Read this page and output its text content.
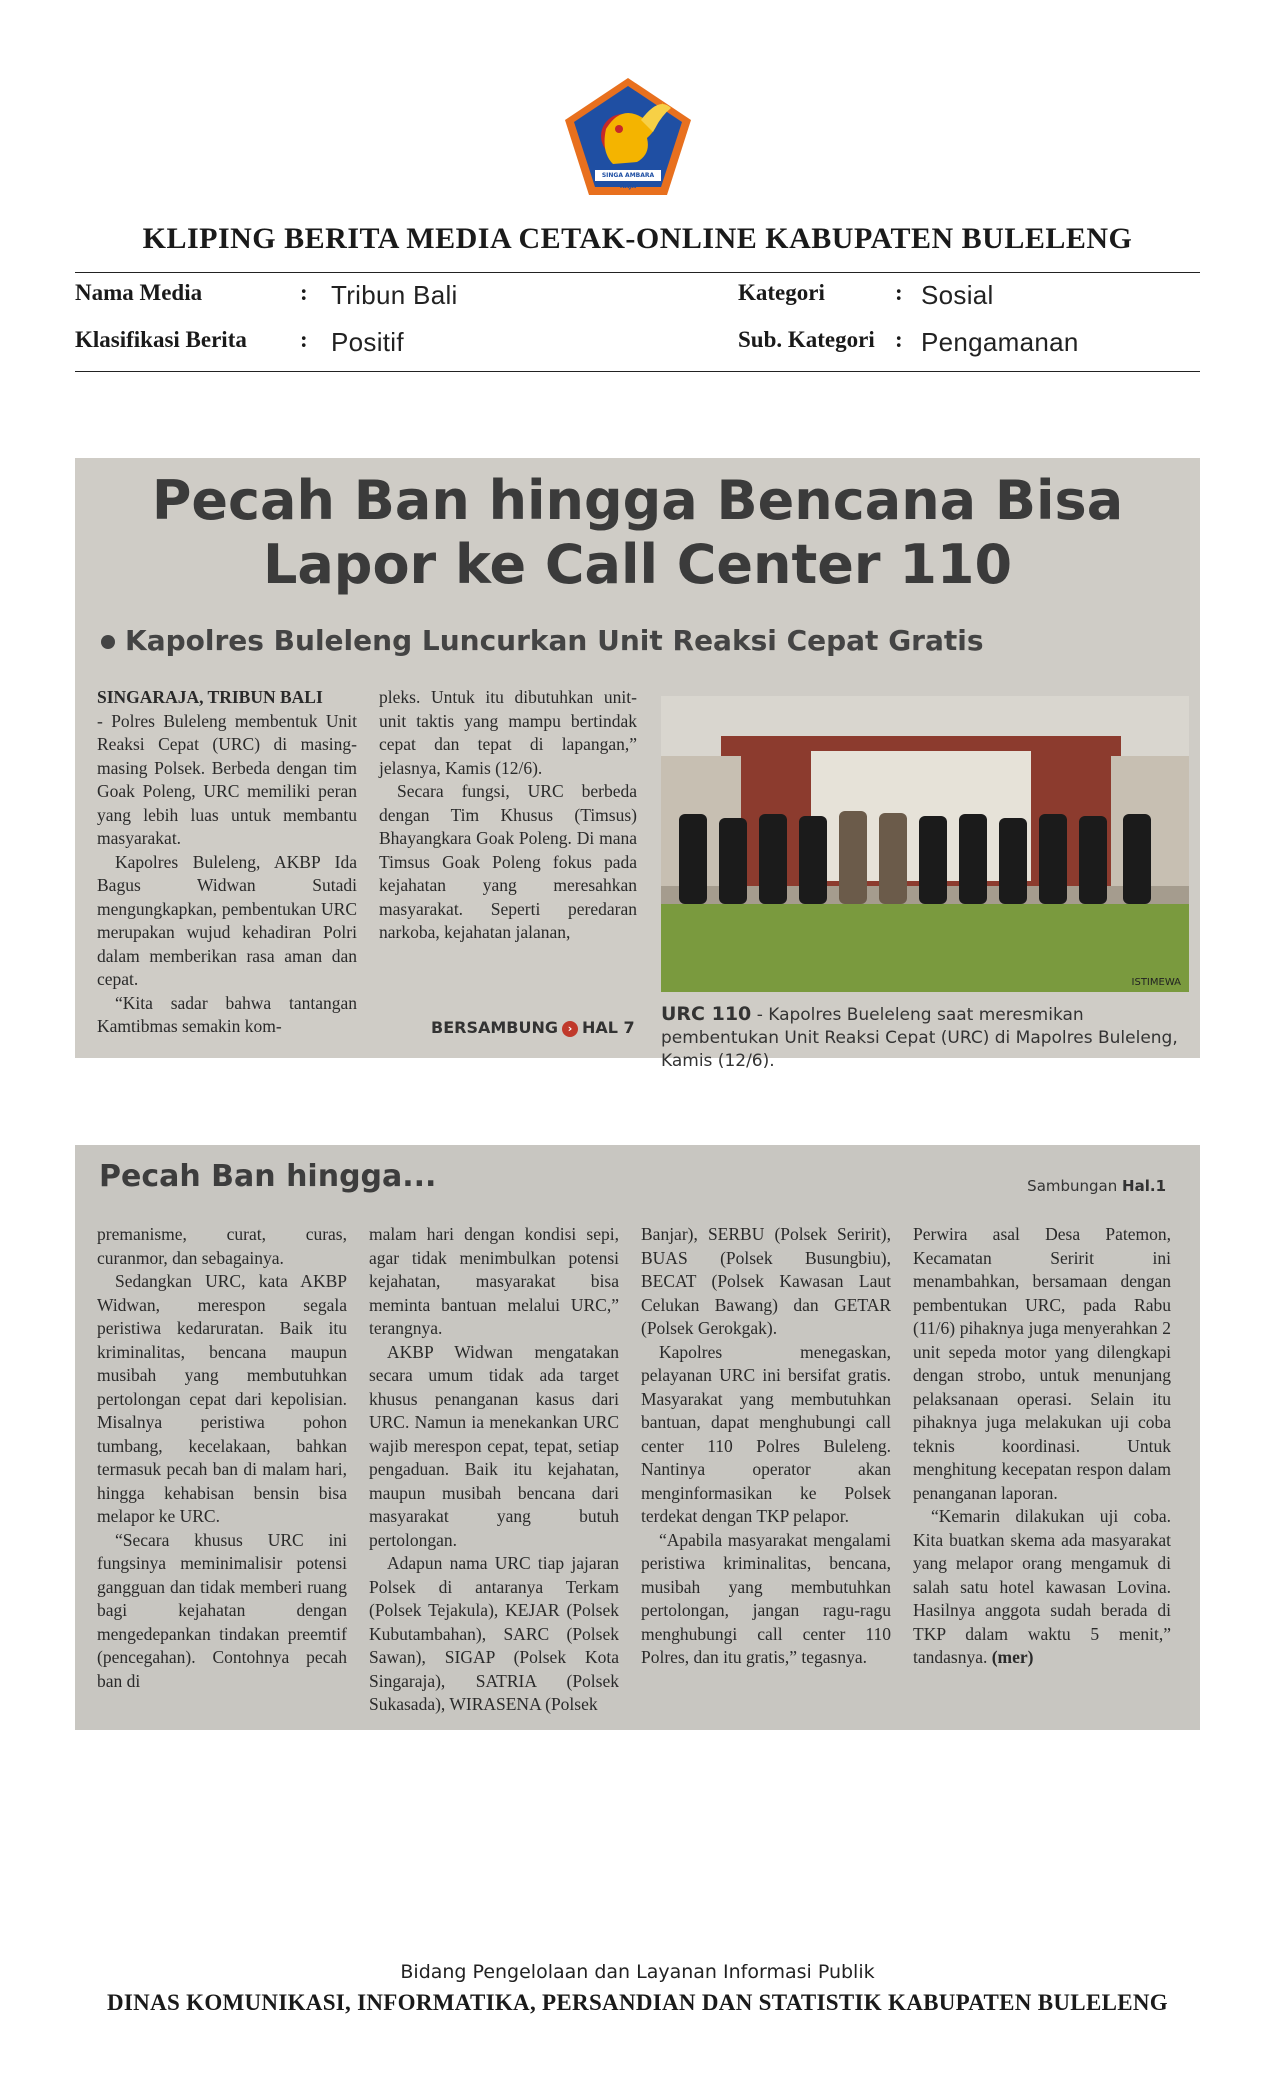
SINGA AMBARA RAJA
KLIPING BERITA MEDIA CETAK-ONLINE KABUPATEN BULELENG
Nama Media	: Tribun Bali	Kategori	: Sosial
Klasifikasi Berita : Positif	Sub. Kategori : Pengamanan
Pecah Ban hingga Bencana Bisa
Lapor ke Call Center 110
Kapolres Buleleng Luncurkan Unit Reaksi Cepat Gratis
SINGARAJA, TRIBUN BALI

- Polres Buleleng membentuk Unit Reaksi Cepat (URC) di masing-masing Polsek. Berbeda dengan tim Goak Poleng, URC memiliki peran yang lebih luas untuk membantu masyarakat.

Kapolres Buleleng, AKBP Ida Bagus Widwan Sutadi mengungkapkan, pembentukan URC merupakan wujud kehadiran Polri dalam memberikan rasa aman dan cepat.

“Kita sadar bahwa tantangan Kamtibmas semakin kom-

pleks. Untuk itu dibutuhkan unit-unit taktis yang mampu bertindak cepat dan tepat di lapangan,” jelasnya, Kamis (12/6).

Secara fungsi, URC berbeda dengan Tim Khusus (Timsus) Bhayangkara Goak Poleng. Di mana Timsus Goak Poleng fokus pada kejahatan yang meresahkan masyarakat. Seperti peredaran narkoba, kejahatan jalanan,

BERSAMBUNG › HAL 7
ISTIMEWA
URC 110 - Kapolres Bueleleng saat meresmikan pembentukan Unit Reaksi Cepat (URC) di Mapolres Buleleng, Kamis (12/6).
Pecah Ban hingga...	Sambungan Hal.1

premanisme, curat, curas, curanmor, dan sebagainya.

Sedangkan URC, kata AKBP Widwan, merespon segala peristiwa kedaruratan. Baik itu kriminalitas, bencana maupun musibah yang membutuhkan pertolongan cepat dari kepolisian. Misalnya peristiwa pohon tumbang, kecelakaan, bahkan termasuk pecah ban di malam hari, hingga kehabisan bensin bisa melapor ke URC.

“Secara khusus URC ini fungsinya meminimalisir potensi gangguan dan tidak memberi ruang bagi kejahatan dengan mengedepankan tindakan preemtif (pencegahan). Contohnya pecah ban di

malam hari dengan kondisi sepi, agar tidak menimbulkan potensi kejahatan, masyarakat bisa meminta bantuan melalui URC,” terangnya.

AKBP Widwan mengatakan secara umum tidak ada target khusus penanganan kasus dari URC. Namun ia menekankan URC wajib merespon cepat, tepat, setiap pengaduan. Baik itu kejahatan, maupun musibah bencana dari masyarakat yang butuh pertolongan.

Adapun nama URC tiap jajaran Polsek di antaranya Terkam (Polsek Tejakula), KEJAR (Polsek Kubutambahan), SARC (Polsek Sawan), SIGAP (Polsek Kota Singaraja), SATRIA (Polsek Sukasada), WIRASENA (Polsek

Banjar), SERBU (Polsek Seririt), BUAS (Polsek Busungbiu), BECAT (Polsek Kawasan Laut Celukan Bawang) dan GETAR (Polsek Gerokgak).

Kapolres menegaskan, pelayanan URC ini bersifat gratis. Masyarakat yang membutuhkan bantuan, dapat menghubungi call center 110 Polres Buleleng. Nantinya operator akan menginformasikan ke Polsek terdekat dengan TKP pelapor.

“Apabila masyarakat mengalami peristiwa kriminalitas, bencana, musibah yang membutuhkan pertolongan, jangan ragu-ragu menghubungi call center 110 Polres, dan itu gratis,” tegasnya.

Perwira asal Desa Patemon, Kecamatan Seririt ini menambahkan, bersamaan dengan pembentukan URC, pada Rabu (11/6) pihaknya juga menyerahkan 2 unit sepeda motor yang dilengkapi dengan strobo, untuk menunjang pelaksanaan operasi. Selain itu pihaknya juga melakukan uji coba teknis koordinasi. Untuk menghitung kecepatan respon dalam penanganan laporan.

“Kemarin dilakukan uji coba. Kita buatkan skema ada masyarakat yang melapor orang mengamuk di salah satu hotel kawasan Lovina. Hasilnya anggota sudah berada di TKP dalam waktu 5 menit,” tandasnya. (mer)

Bidang Pengelolaan dan Layanan Informasi Publik
DINAS KOMUNIKASI, INFORMATIKA, PERSANDIAN DAN STATISTIK KABUPATEN BULELENG
